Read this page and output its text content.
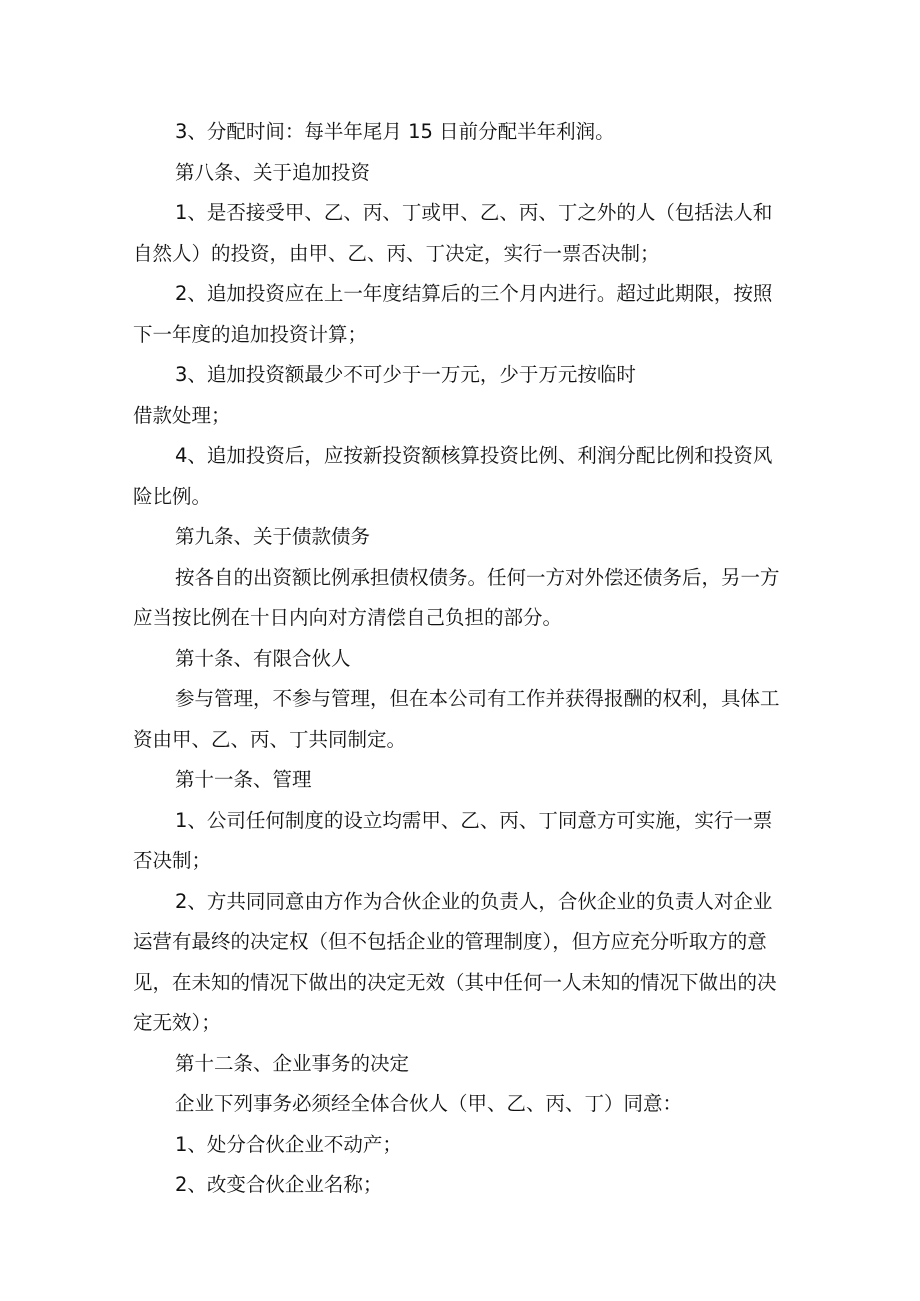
3、分配时间：每半年尾月 15 日前分配半年利润。
第八条、关于追加投资
1、是否接受甲、乙、丙、丁或甲、乙、丙、丁之外的人（包括法人和
自然人）的投资，由甲、乙、丙、丁决定，实行一票否决制；
2、追加投资应在上一年度结算后的三个月内进行。超过此期限，按照
下一年度的追加投资计算；
3、追加投资额最少不可少于一万元，少于万元按临时
借款处理；
4、追加投资后，应按新投资额核算投资比例、利润分配比例和投资风
险比例。
第九条、关于债款债务
按各自的出资额比例承担债权债务。任何一方对外偿还债务后，另一方
应当按比例在十日内向对方清偿自己负担的部分。
第十条、有限合伙人
参与管理，不参与管理，但在本公司有工作并获得报酬的权利，具体工
资由甲、乙、丙、丁共同制定。
第十一条、管理
1、公司任何制度的设立均需甲、乙、丙、丁同意方可实施，实行一票
否决制；
2、方共同同意由方作为合伙企业的负责人，合伙企业的负责人对企业
运营有最终的决定权（但不包括企业的管理制度），但方应充分听取方的意
见，在未知的情况下做出的决定无效（其中任何一人未知的情况下做出的决
定无效）；
第十二条、企业事务的决定
企业下列事务必须经全体合伙人（甲、乙、丙、丁）同意：
1、处分合伙企业不动产；
2、改变合伙企业名称；
